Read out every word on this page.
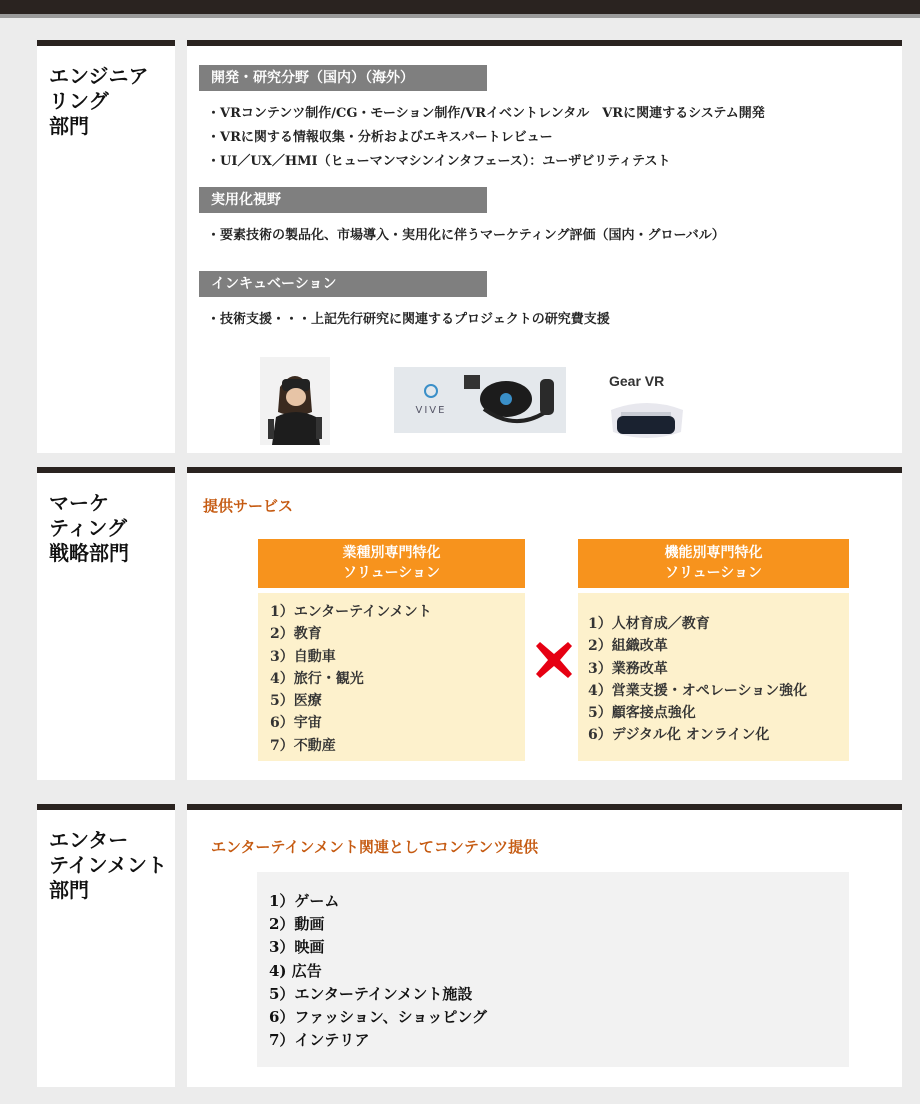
エンジニア
リング
部門
開発・研究分野（国内）（海外）
・VRコンテンツ制作/CG・モーション制作/VRイベントレンタル　VRに関連するシステム開発
・VRに関する情報収集・分析およびエキスパートレビュー
・UI／UX／HMI（ヒューマンマシンインタフェース）：ユーザビリティテスト
実用化視野
・要素技術の製品化、市場導入・実用化に伴うマーケティング評価（国内・グローバル）
インキュベーション
・技術支援・・・上記先行研究に関連するプロジェクトの研究費支援
VIVE
Gear VR
マーケ
ティング
戦略部門
提供サービス
業種別専門特化
ソリューション
1）エンターテインメント
2）教育
3）自動車
4）旅行・観光
5）医療
6）宇宙
7）不動産
機能別専門特化
ソリューション
1）人材育成／教育
2）組織改革
3）業務改革
4）営業支援・オペレーション強化
5）顧客接点強化
6）デジタル化 オンライン化
エンター
テインメント
部門
エンターテインメント関連としてコンテンツ提供
1）ゲーム
2）動画
3）映画
4) 広告
5）エンターテインメント施設
6）ファッション、ショッピング
7）インテリア
